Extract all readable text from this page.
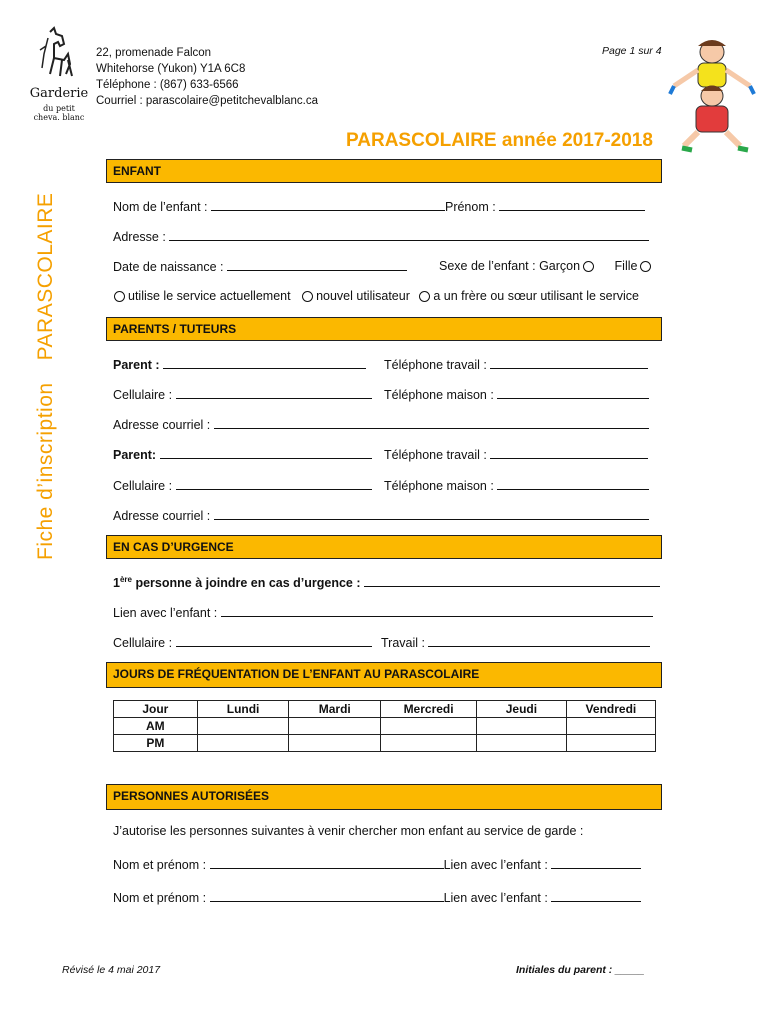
Garderie
du petit
cheva. blanc
22, promenade Falcon
Whitehorse (Yukon) Y1A 6C8
Téléphone : (867) 633-6566
Courriel : parascolaire@petitchevalblanc.ca
Page 1 sur 4
PARASCOLAIRE année 2017-2018
Fiche d’inscriptionPARASCOLAIRE
ENFANT
Nom de l’enfant :	Prénom :
Adresse :
Date de naissance :	Sexe de l’enfant : Garçon	Fille
utilise le service actuellement nouvel utilisateur a un frère ou sœur utilisant le service
PARENTS / TUTEURS
Parent :	Téléphone travail :
Cellulaire :	Téléphone maison :
Adresse courriel :
Parent:	Téléphone travail :
Cellulaire :	Téléphone maison :
Adresse courriel :
EN CAS D’URGENCE
1ère personne à joindre en cas d’urgence :
Lien avec l’enfant :
Cellulaire :	Travail :
JOURS DE FRÉQUENTATION DE L’ENFANT AU PARASCOLAIRE
Jour	Lundi	Mardi	Mercredi	Jeudi	Vendredi
AM					
PM					
PERSONNES AUTORISÉES
J’autorise les personnes suivantes à venir chercher mon enfant au service de garde :
Nom et prénom :	Lien avec l’enfant :
Nom et prénom :	Lien avec l’enfant :
Révisé le 4 mai 2017	Initiales du parent : _____
